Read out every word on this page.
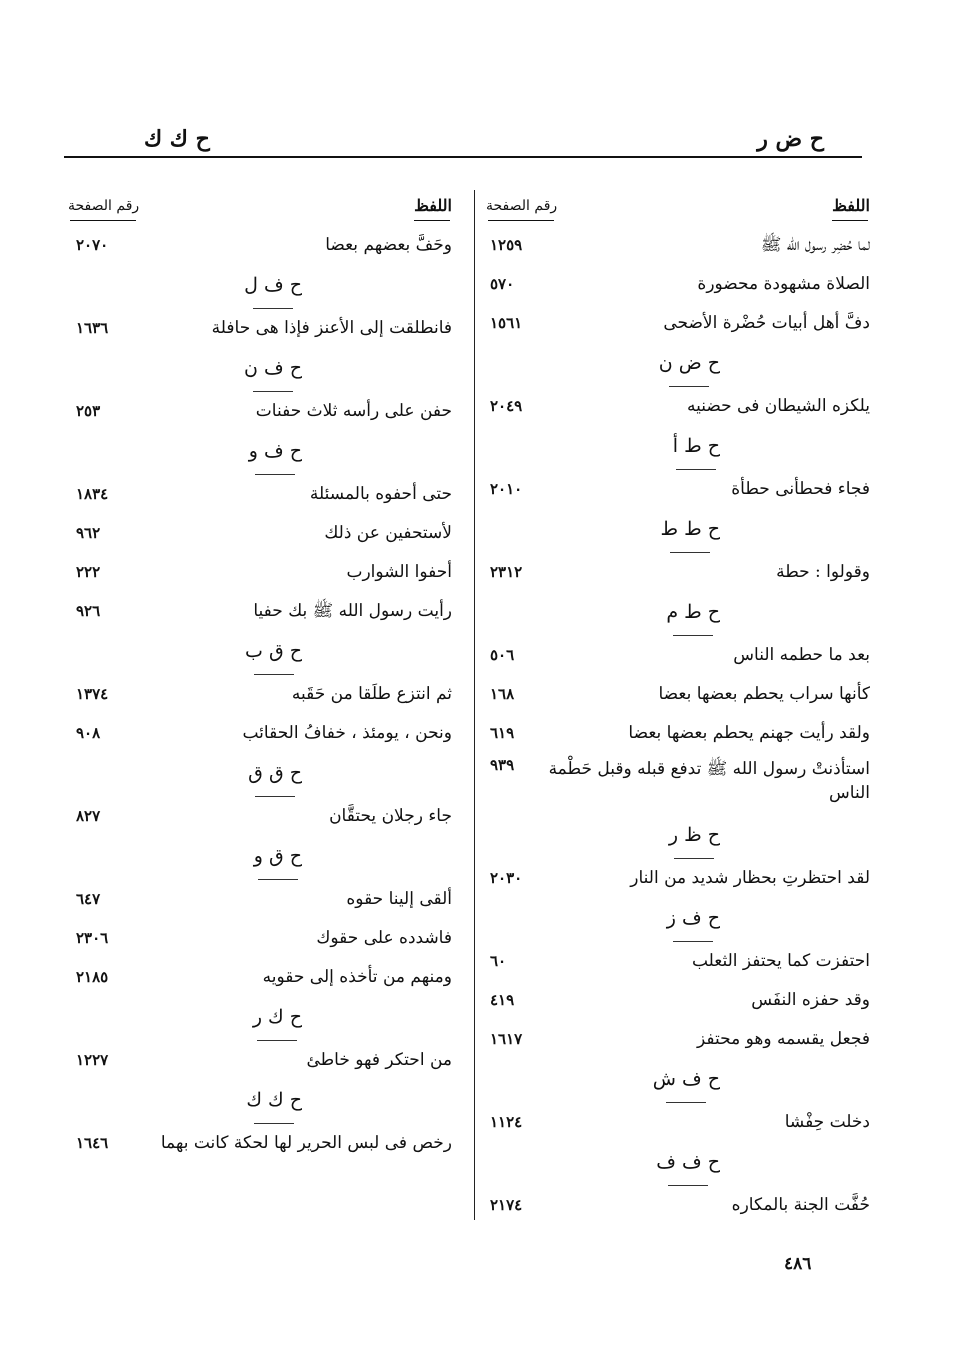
ح ك ك	ح ض ر
اللفظ
رقم الصفحة
وحَفَّ بعضهم بعضا
٢٠٧٠
ح ف ل
فانطلقت إلى الأعنز فإذا هى حافلة
١٦٣٦
ح ف ن
حفن على رأسه ثلاث حفنات
٢٥٣
ح ف و
حتى أحفوه بالمسئلة
١٨٣٤
لأستحفين عن ذلك
٩٦٢
أحفوا الشوارب
٢٢٢
رأيت رسول الله ﷺ بك حفيا
٩٢٦
ح ق ب
ثم انتزع طلَقا من حَقَبه
١٣٧٤
ونحن ، يومئذ ، خفافُ الحقائب
٩٠٨
ح ق ق
جاء رجلان يحتقَّان
٨٢٧
ح ق و
ألقى إلينا حقوه
٦٤٧
فاشدده على حقوك
٢٣٠٦
ومنهم من تأخذه إلى حقويه
٢١٨٥
ح ك ر
من احتكر فهو خاطئ
١٢٢٧
ح ك ك
رخص فى لبس الحرير لها لحكة كانت بهما
١٦٤٦
اللفظ
رقم الصفحة
لما حُضِر رسول الله ﷺ
١٢٥٩
الصلاة مشهودة محضورة
٥٧٠
دفَّ أهل أبيات حُضْرة الأضحى
١٥٦١
ح ض ن
يلكزه الشيطان فى حضنيه
٢٠٤٩
ح ط أ
فجاء فحطأنى حطأة
٢٠١٠
ح ط ط
وقولوا : حطة
٢٣١٢
ح ط م
بعد ما حطمه الناس
٥٠٦
كأنها سراب يحطم بعضها بعضا
١٦٨
ولقد رأيت جهنم يحطم بعضها بعضا
٦١٩
استأذنتْ رسول الله ﷺ تدفع قبله وقبل حَطْمة
الناس
٩٣٩
ح ظ ر
لقد احتظرتِ بحظار شديد من النار
٢٠٣٠
ح ف ز
احتفزت كما يحتفز الثعلب
٦٠
وقد حفزه النفَس
٤١٩
فجعل يقسمه وهو محتفز
١٦١٧
ح ف ش
دخلت حِفْشا
١١٢٤
ح ف ف
حُفَّت الجنة بالمكاره
٢١٧٤
٤٨٦
